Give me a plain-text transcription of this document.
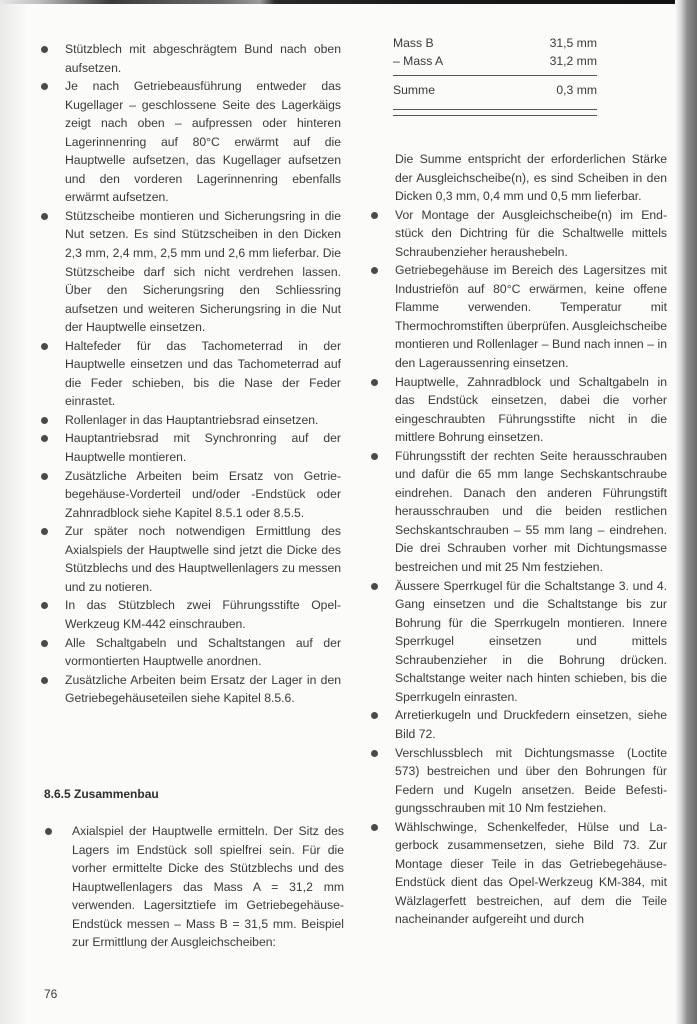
Stützblech mit abgeschrägtem Bund nach oben aufsetzen.

Je nach Getriebeausführung entweder das Kugellager – geschlossene Seite des Lagerkäigs zeigt nach oben – aufpressen oder hinteren Lagerinnenring auf 80°C erwärmt auf die Hauptwelle aufsetzen, das Kugellager aufsetzen und den vorderen Lagerinnenring ebenfalls erwärmt aufsetzen.

Stützscheibe montieren und Sicherungsring in die Nut setzen. Es sind Stützscheiben in den Dicken 2,3 mm, 2,4 mm, 2,5 mm und 2,6 mm lieferbar. Die Stützscheibe darf sich nicht verdrehen lassen. Über den Sicherungsring den Schliessring aufsetzen und weiteren Sicherungsring in die Nut der Hauptwelle einsetzen.

Haltefeder für das Tachometerrad in der Hauptwelle einsetzen und das Tachometerrad auf die Feder schieben, bis die Nase der Feder einrastet.

Rollenlager in das Hauptantriebsrad einsetzen.

Hauptantriebsrad mit Synchronring auf der Hauptwelle montieren.

Zusätzliche Arbeiten beim Ersatz von Getriebegehäuse-Vorderteil und/oder -Endstück oder Zahnradblock siehe Kapitel 8.5.1 oder 8.5.5.

Zur später noch notwendigen Ermittlung des Axialspiels der Hauptwelle sind jetzt die Dicke des Stützblechs und des Hauptwellenlagers zu messen und zu notieren.

In das Stützblech zwei Führungsstifte Opel-Werkzeug KM-442 einschrauben.

Alle Schaltgabeln und Schaltstangen auf der vormontierten Hauptwelle anordnen.

Zusätzliche Arbeiten beim Ersatz der Lager in den Getriebegehäuseteilen siehe Kapitel 8.5.6.

8.6.5 Zusammenbau

Axialspiel der Hauptwelle ermitteln. Der Sitz des Lagers im Endstück soll spielfrei sein. Für die vorher ermittelte Dicke des Stützblechs und des Hauptwellenlagers das Mass A = 31,2 mm verwenden. Lagersitztiefe im Getriebegehäuse-Endstück messen – Mass B = 31,5 mm. Beispiel zur Ermittlung der Ausgleichscheiben:

76
Mass B	31,5 mm
– Mass A	31,2 mm
Summe	0,3 mm

Die Summe entspricht der erforderlichen Stärke der Ausgleichscheibe(n), es sind Scheiben in den Dicken 0,3 mm, 0,4 mm und 0,5 mm lieferbar.

Vor Montage der Ausgleichscheibe(n) im Endstück den Dichtring für die Schaltwelle mittels Schraubenzieher heraushebeln.

Getriebegehäuse im Bereich des Lagersitzes mit Industriefön auf 80°C erwärmen, keine offene Flamme verwenden. Temperatur mit Thermochromstiften überprüfen. Ausgleichscheibe montieren und Rollenlager – Bund nach innen – in den Lageraussenring einsetzen.

Hauptwelle, Zahnradblock und Schaltgabeln in das Endstück einsetzen, dabei die vorher eingeschraubten Führungsstifte nicht in die mittlere Bohrung einsetzen.

Führungsstift der rechten Seite herausschrauben und dafür die 65 mm lange Sechskantschraube eindrehen. Danach den anderen Führungstift herausschrauben und die beiden restlichen Sechskantschrauben – 55 mm lang – eindrehen. Die drei Schrauben vorher mit Dichtungsmasse bestreichen und mit 25 Nm festziehen.

Äussere Sperrkugel für die Schaltstange 3. und 4. Gang einsetzen und die Schaltstange bis zur Bohrung für die Sperrkugeln montieren. Innere Sperrkugel einsetzen und mittels Schraubenzieher in die Bohrung drücken. Schaltstange weiter nach hinten schieben, bis die Sperrkugeln einrasten.

Arretierkugeln und Druckfedern einsetzen, siehe Bild 72.

Verschlussblech mit Dichtungsmasse (Loctite 573) bestreichen und über den Bohrungen für Federn und Kugeln ansetzen. Beide Befestigungsschrauben mit 10 Nm festziehen.

Wählschwinge, Schenkelfeder, Hülse und Lagerbock zusammensetzen, siehe Bild 73. Zur Montage dieser Teile in das Getriebegehäuse-Endstück dient das Opel-Werkzeug KM-384, mit Wälzlagerfett bestreichen, auf dem die Teile nacheinander aufgereiht und durch
